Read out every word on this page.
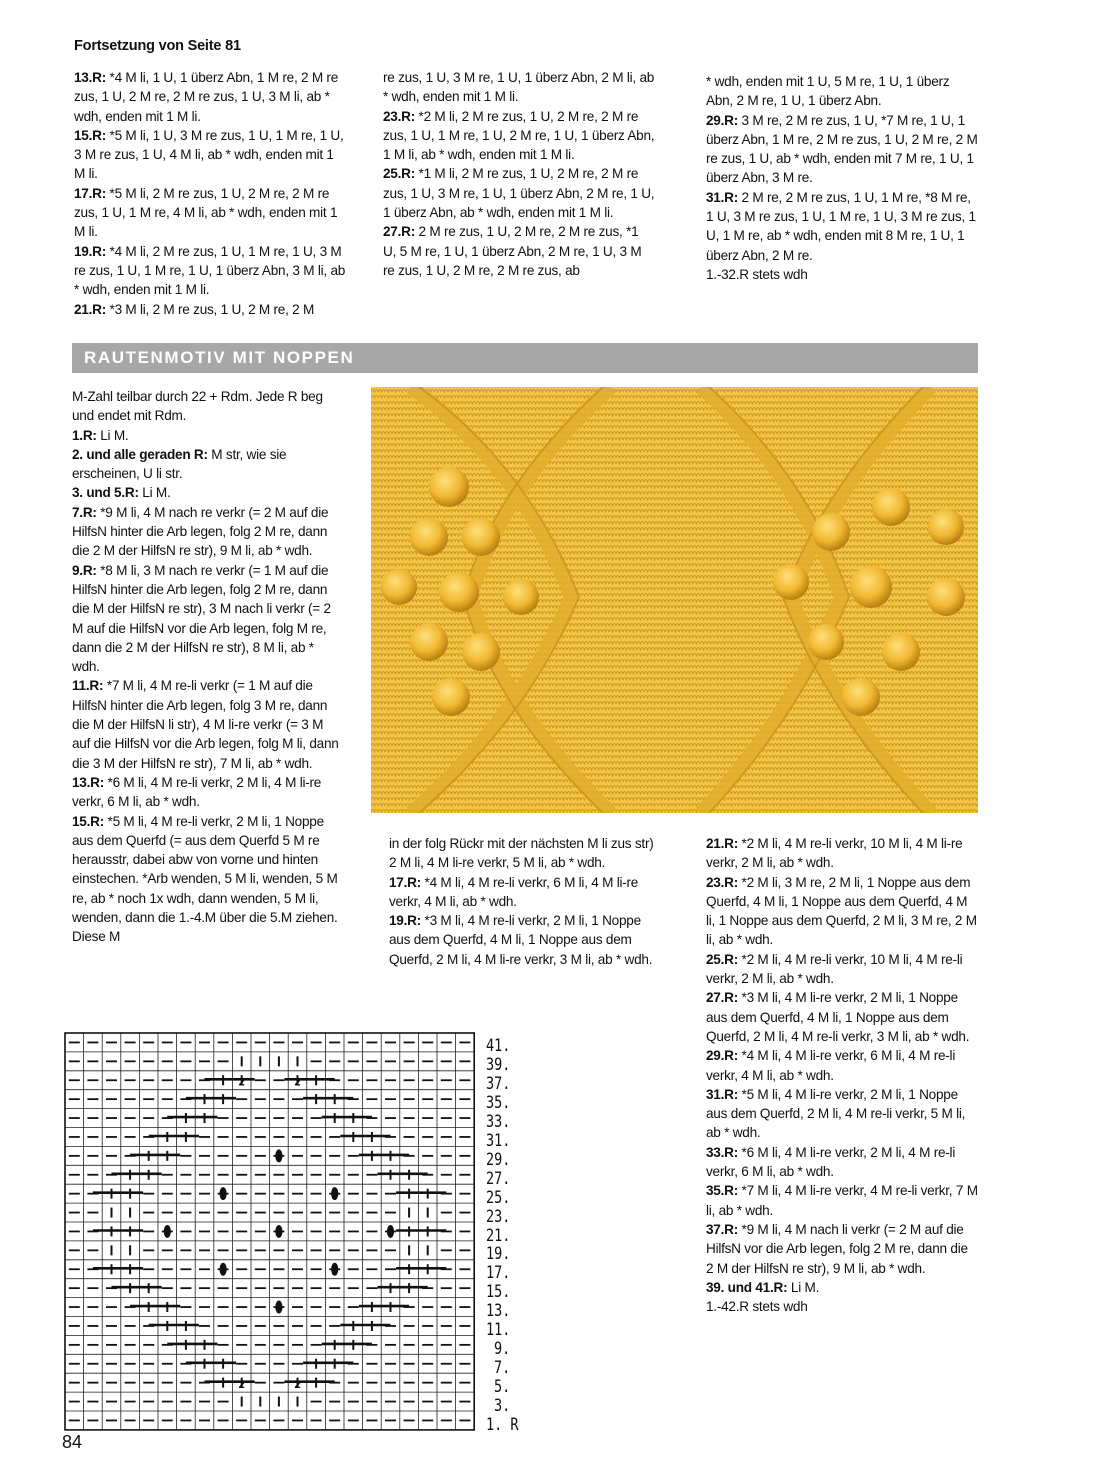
Fortsetzung von Seite 81

13.R: *4 M li, 1 U, 1 überz Abn, 1 M re, 2 M re zus, 1 U, 2 M re, 2 M re zus, 1 U, 3 M li, ab * wdh, enden mit 1 M li.

15.R: *5 M li, 1 U, 3 M re zus, 1 U, 1 M re, 1 U, 3 M re zus, 1 U, 4 M li, ab * wdh, enden mit 1 M li.

17.R: *5 M li, 2 M re zus, 1 U, 2 M re, 2 M re zus, 1 U, 1 M re, 4 M li, ab * wdh, enden mit 1 M li.

19.R: *4 M li, 2 M re zus, 1 U, 1 M re, 1 U, 3 M re zus, 1 U, 1 M re, 1 U, 1 überz Abn, 3 M li, ab * wdh, enden mit 1 M li.

21.R: *3 M li, 2 M re zus, 1 U, 2 M re, 2 M

re zus, 1 U, 3 M re, 1 U, 1 überz Abn, 2 M li, ab * wdh, enden mit 1 M li.

23.R: *2 M li, 2 M re zus, 1 U, 2 M re, 2 M re zus, 1 U, 1 M re, 1 U, 2 M re, 1 U, 1 überz Abn, 1 M li, ab * wdh, enden mit 1 M li.

25.R: *1 M li, 2 M re zus, 1 U, 2 M re, 2 M re zus, 1 U, 3 M re, 1 U, 1 überz Abn, 2 M re, 1 U, 1 überz Abn, ab * wdh, enden mit 1 M li.

27.R: 2 M re zus, 1 U, 2 M re, 2 M re zus, *1 U, 5 M re, 1 U, 1 überz Abn, 2 M re, 1 U, 3 M re zus, 1 U, 2 M re, 2 M re zus, ab

* wdh, enden mit 1 U, 5 M re, 1 U, 1 überz Abn, 2 M re, 1 U, 1 überz Abn.

29.R: 3 M re, 2 M re zus, 1 U, *7 M re, 1 U, 1 überz Abn, 1 M re, 2 M re zus, 1 U, 2 M re, 2 M re zus, 1 U, ab * wdh, enden mit 7 M re, 1 U, 1 überz Abn, 3 M re.

31.R: 2 M re, 2 M re zus, 1 U, 1 M re, *8 M re, 1 U, 3 M re zus, 1 U, 1 M re, 1 U, 3 M re zus, 1 U, 1 M re, ab * wdh, enden mit 8 M re, 1 U, 1 überz Abn, 2 M re.

1.-32.R stets wdh

RAUTENMOTIV MIT NOPPEN

M-Zahl teilbar durch 22 + Rdm. Jede R beg und endet mit Rdm.

1.R: Li M.

2. und alle geraden R: M str, wie sie erscheinen, U li str.

3. und 5.R: Li M.

7.R: *9 M li, 4 M nach re verkr (= 2 M auf die HilfsN hinter die Arb legen, folg 2 M re, dann die 2 M der HilfsN re str), 9 M li, ab * wdh.

9.R: *8 M li, 3 M nach re verkr (= 1 M auf die HilfsN hinter die Arb legen, folg 2 M re, dann die M der HilfsN re str), 3 M nach li verkr (= 2 M auf die HilfsN vor die Arb legen, folg M re, dann die 2 M der HilfsN re str), 8 M li, ab * wdh.

11.R: *7 M li, 4 M re-li verkr (= 1 M auf die HilfsN hinter die Arb legen, folg 3 M re, dann die M der HilfsN li str), 4 M li-re verkr (= 3 M auf die HilfsN vor die Arb legen, folg M li, dann die 3 M der HilfsN re str), 7 M li, ab * wdh.

13.R: *6 M li, 4 M re-li verkr, 2 M li, 4 M li-re verkr, 6 M li, ab * wdh.

15.R: *5 M li, 4 M re-li verkr, 2 M li, 1 Noppe aus dem Querfd (= aus dem Querfd 5 M re herausstr, dabei abw von vorne und hinten einstechen. *Arb wenden, 5 M li, wenden, 5 M re, ab * noch 1x wdh, dann wenden, 5 M li, wenden, dann die 1.-4.M über die 5.M ziehen. Diese M

in der folg Rückr mit der nächsten M li zus str) 2 M li, 4 M li-re verkr, 5 M li, ab * wdh.

17.R: *4 M li, 4 M re-li verkr, 6 M li, 4 M li-re verkr, 4 M li, ab * wdh.

19.R: *3 M li, 4 M re-li verkr, 2 M li, 1 Noppe aus dem Querfd, 4 M li, 1 Noppe aus dem Querfd, 2 M li, 4 M li-re verkr, 3 M li, ab * wdh.

21.R: *2 M li, 4 M re-li verkr, 10 M li, 4 M li-re verkr, 2 M li, ab * wdh.

23.R: *2 M li, 3 M re, 2 M li, 1 Noppe aus dem Querfd, 4 M li, 1 Noppe aus dem Querfd, 4 M li, 1 Noppe aus dem Querfd, 2 M li, 3 M re, 2 M li, ab * wdh.

25.R: *2 M li, 4 M re-li verkr, 10 M li, 4 M re-li verkr, 2 M li, ab * wdh.

27.R: *3 M li, 4 M li-re verkr, 2 M li, 1 Noppe aus dem Querfd, 4 M li, 1 Noppe aus dem Querfd, 2 M li, 4 M re-li verkr, 3 M li, ab * wdh.

29.R: *4 M li, 4 M li-re verkr, 6 M li, 4 M re-li verkr, 4 M li, ab * wdh.

31.R: *5 M li, 4 M li-re verkr, 2 M li, 1 Noppe aus dem Querfd, 2 M li, 4 M re-li verkr, 5 M li, ab * wdh.

33.R: *6 M li, 4 M li-re verkr, 2 M li, 4 M re-li verkr, 6 M li, ab * wdh.

35.R: *7 M li, 4 M li-re verkr, 4 M re-li verkr, 7 M li, ab * wdh.

37.R: *9 M li, 4 M nach li verkr (= 2 M auf die HilfsN vor die Arb legen, folg 2 M re, dann die 2 M der HilfsN re str), 9 M li, ab * wdh.

39. und 41.R: Li M.

1.-42.R stets wdh

2	2
2	2
41.
39.
37.
35.
33.
31.
29.
27.
25.
23.
21.
19.
17.
15.
13.
11.
9.
7.
5.
3.
1. R
84
